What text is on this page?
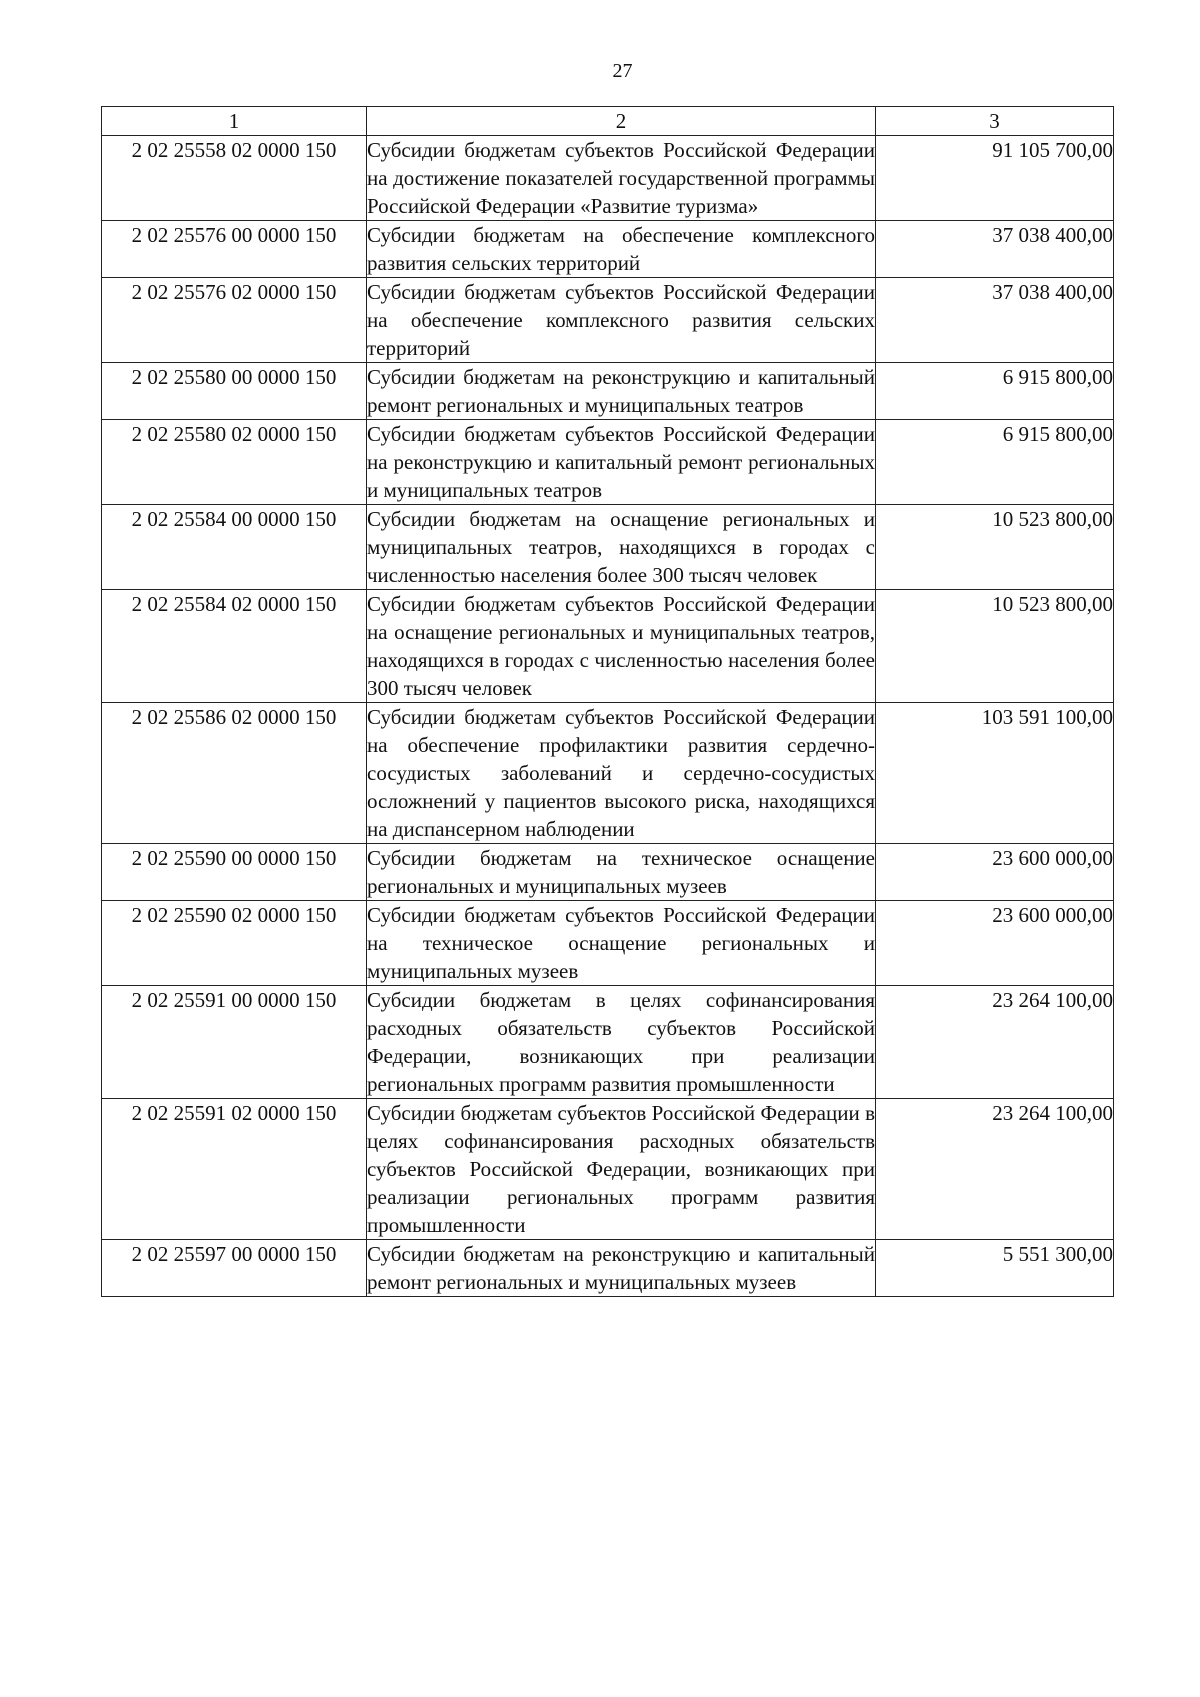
27
1	2	3
2 02 25558 02 0000 150	Субсидии бюджетам субъектов Российской Федерации на достижение показателей государственной программы Российской Федерации «Развитие туризма»	91 105 700,00
2 02 25576 00 0000 150	Субсидии бюджетам на обеспечение комплексного развития сельских территорий	37 038 400,00
2 02 25576 02 0000 150	Субсидии бюджетам субъектов Российской Федерации на обеспечение комплексного развития сельских территорий	37 038 400,00
2 02 25580 00 0000 150	Субсидии бюджетам на реконструкцию и капитальный ремонт региональных и муниципальных театров	6 915 800,00
2 02 25580 02 0000 150	Субсидии бюджетам субъектов Российской Федерации на реконструкцию и капитальный ремонт региональных и муниципальных театров	6 915 800,00
2 02 25584 00 0000 150	Субсидии бюджетам на оснащение региональных и муниципальных театров, находящихся в городах с численностью населения более 300 тысяч человек	10 523 800,00
2 02 25584 02 0000 150	Субсидии бюджетам субъектов Российской Федерации на оснащение региональных и муниципальных театров, находящихся в городах с численностью населения более 300 тысяч человек	10 523 800,00
2 02 25586 02 0000 150	Субсидии бюджетам субъектов Российской Федерации на обеспечение профилактики развития сердечно-сосудистых заболеваний и сердечно-сосудистых осложнений у пациентов высокого риска, находящихся на диспансерном наблюдении	103 591 100,00
2 02 25590 00 0000 150	Субсидии бюджетам на техническое оснащение региональных и муниципальных музеев	23 600 000,00
2 02 25590 02 0000 150	Субсидии бюджетам субъектов Российской Федерации на техническое оснащение региональных и муниципальных музеев	23 600 000,00
2 02 25591 00 0000 150	Субсидии бюджетам в целях софинансирования расходных обязательств субъектов Российской Федерации, возникающих при реализации региональных программ развития промышленности	23 264 100,00
2 02 25591 02 0000 150	Субсидии бюджетам субъектов Российской Федерации в целях софинансирования расходных обязательств субъектов Российской Федерации, возникающих при реализации региональных программ развития промышленности	23 264 100,00
2 02 25597 00 0000 150	Субсидии бюджетам на реконструкцию и капитальный ремонт региональных и муниципальных музеев	5 551 300,00
